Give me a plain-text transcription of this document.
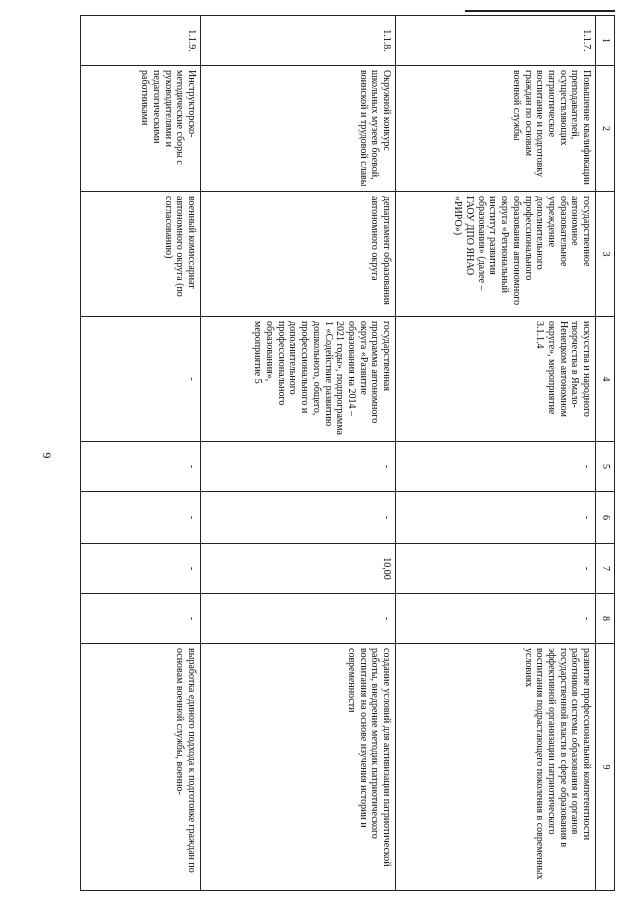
6
1	2	3	4	5	6	7	8	9
1.1.7.	Повышение квалификации преподавателей, осуществляющих патриотическое воспитание и подготовку граждан по основам военной службы	государственное автономное образовательное учреждение дополнительного профессионального образования автономного округа «Региональный институт развития образования» (далее – ГАОУ ДПО ЯНАО «РИРО»)	искусства и народного творчества в Ямало-Ненецком автономном округе», мероприятие 3.1.1.4	-	-	-	-	развитие профессиональной компетентности работников системы образования и органов государственной власти в сфере образования в эффективной организации патриотического воспитания подрастающего поколения в современных условиях
1.1.8.	Окружной конкурс школьных музеев боевой, воинской и трудовой славы	департамент образования автономного округа	государственная программа автономного округа «Развитие образования на 2014 – 2021 годы», подпрограмма 1 «Содействие развитию дошкольного, общего, профессионального и дополнительного профессионального образования», мероприятие 5	-	-	10,00	-	создание условий для активизации патриотической работы, внедрение методик патриотического воспитания на основе изучения истории и современности
1.1.9.	Инструкторско-методические сборы с руководителями и педагогическими работниками	военный комиссариат автономного округа (по согласованию)	-	-	-	-	-	выработка единого подхода к подготовке граждан по основам военной службы, военно-
